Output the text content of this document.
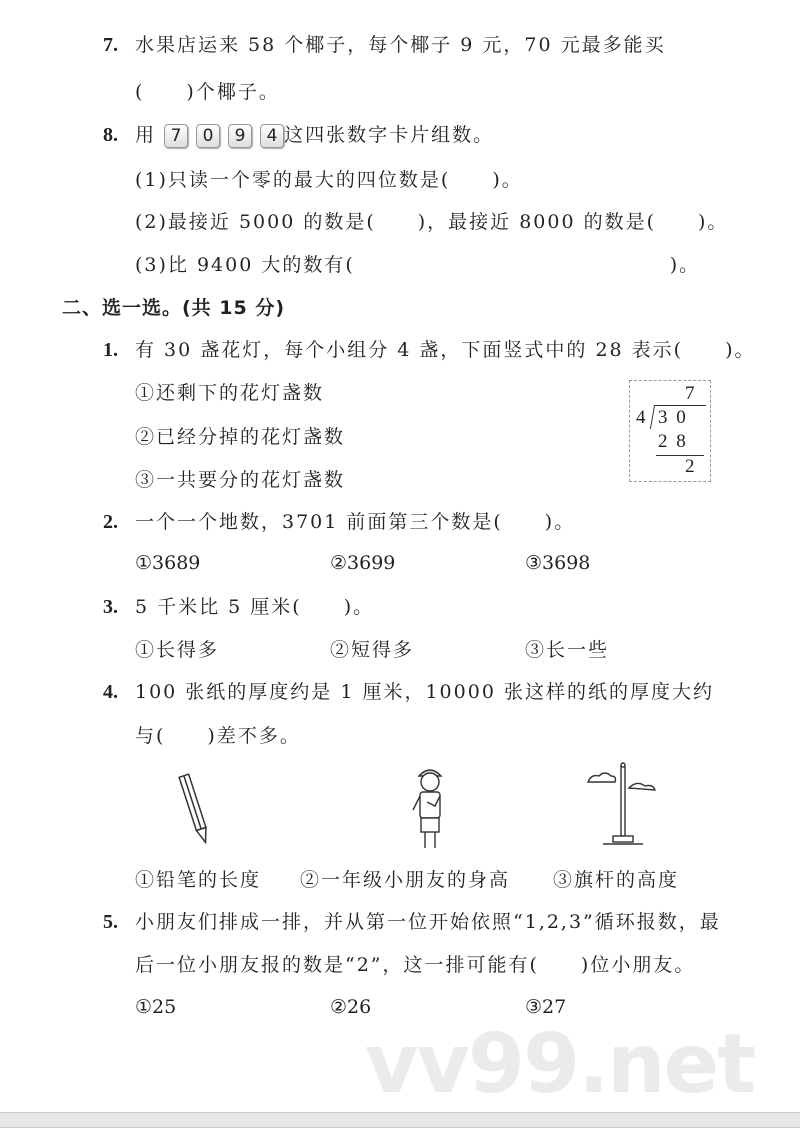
7. 水果店运来 58 个椰子，每个椰子 9 元，70 元最多能买
(　　)个椰子。
8. 用 7 0 9 4 这四张数字卡片组数。
(1)只读一个零的最大的四位数是(　　)。
(2)最接近 5000 的数是(　　)，最接近 8000 的数是(　　)。
(3)比 9400 大的数有(　　　　　　　　　　　　　　　)。
二、选一选。(共 15 分)
1. 有 30 盏花灯，每个小组分 4 盏，下面竖式中的 28 表示(　　)。
①还剩下的花灯盏数
②已经分掉的花灯盏数
③一共要分的花灯盏数
7
4 3 0
2 8
2
2. 一个一个地数，3701 前面第三个数是(　　)。
①3689	②3699	③3698
3. 5 千米比 5 厘米(　　)。
①长得多	②短得多	③长一些
4. 100 张纸的厚度约是 1 厘米，10000 张这样的纸的厚度大约
与(　　)差不多。
①铅笔的长度 ②一年级小朋友的身高 ③旗杆的高度
5. 小朋友们排成一排，并从第一位开始依照“1,2,3”循环报数，最
后一位小朋友报的数是“2”，这一排可能有(　　)位小朋友。
①25	②26	③27
vv99.net
